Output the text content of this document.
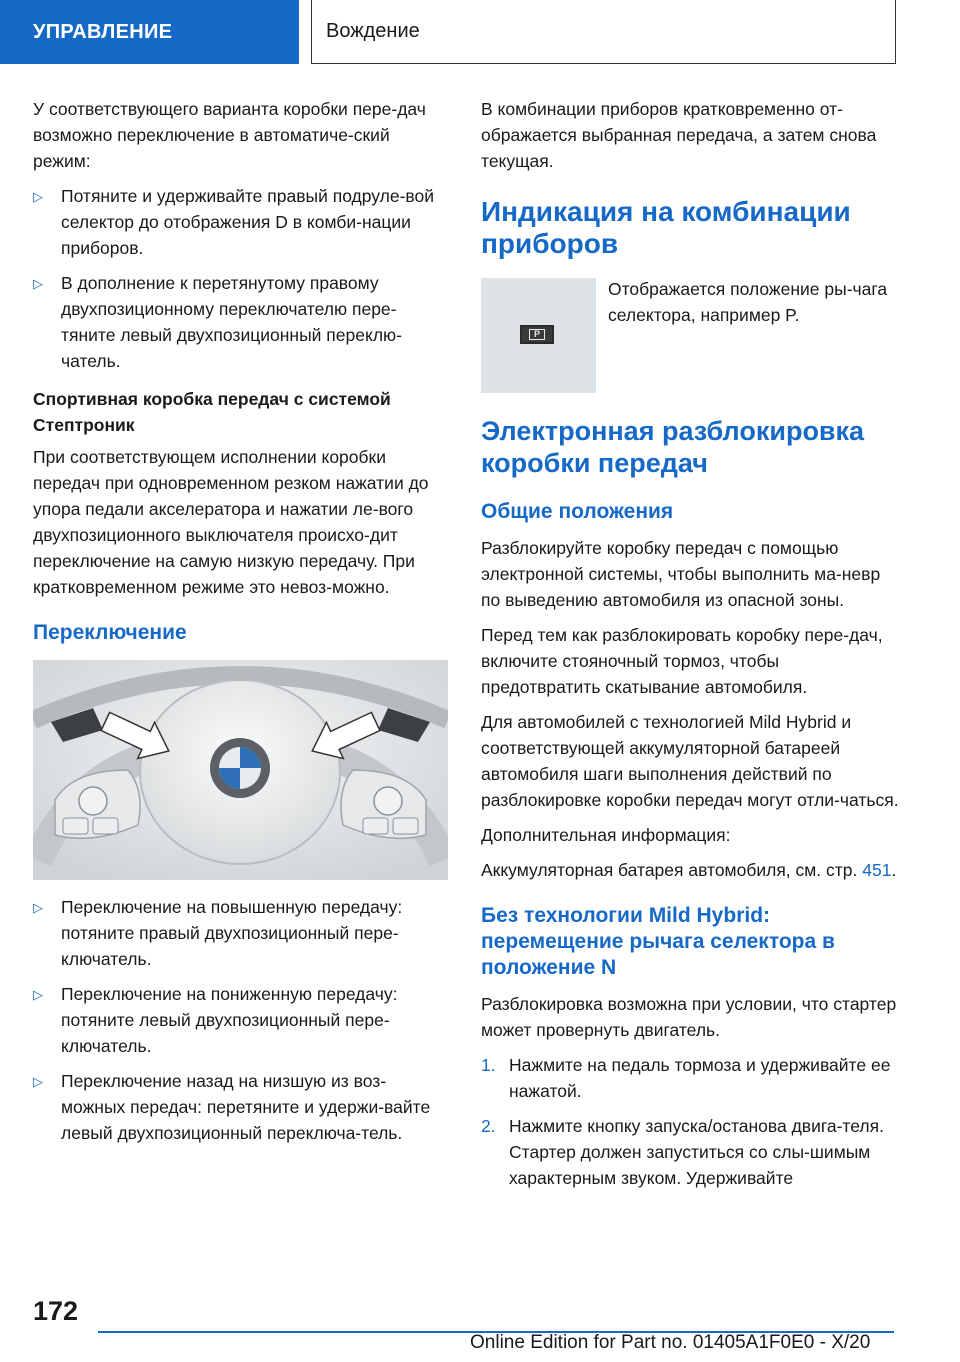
УПРАВЛЕНИЕ	Вождение

У соответствующего варианта коробки пере-дач возможно переключение в автоматиче-ский режим:

▷	Потяните и удерживайте правый подруле-вой селектор до отображения D в комби-нации приборов.
▷	В дополнение к перетянутому правому двухпозиционному переключателю пере-тяните левый двухпозиционный переклю-чатель.
Спортивная коробка передач с системой Стептроник

При соответствующем исполнении коробки передач при одновременном резком нажатии до упора педали акселератора и нажатии ле-вого двухпозиционного выключателя происхо-дит переключение на самую низкую передачу. При кратковременном режиме это невоз-можно.

Переключение
▷	Переключение на повышенную передачу: потяните правый двухпозиционный пере-ключатель.
▷	Переключение на пониженную передачу: потяните левый двухпозиционный пере-ключатель.
▷	Переключение назад на низшую из воз-можных передач: перетяните и удержи-вайте левый двухпозиционный переключа-тель.

В комбинации приборов кратковременно от-ображается выбранная передача, а затем снова текущая.

Индикация на комбинации приборов
P
Отображается положение ры-чага селектора, например P.
Электронная разблокировка коробки передач
Общие положения

Разблокируйте коробку передач с помощью электронной системы, чтобы выполнить ма-невр по выведению автомобиля из опасной зоны.

Перед тем как разблокировать коробку пере-дач, включите стояночный тормоз, чтобы предотвратить скатывание автомобиля.

Для автомобилей с технологией Mild Hybrid и соответствующей аккумуляторной батареей автомобиля шаги выполнения действий по разблокировке коробки передач могут отли-чаться.

Дополнительная информация:

Аккумуляторная батарея автомобиля, см. стр. 451.

Без технологии Mild Hybrid: перемещение рычага селектора в положение N

Разблокировка возможна при условии, что стартер может провернуть двигатель.

1. Нажмите на педаль тормоза и удерживайте ее нажатой.
2. Нажмите кнопку запуска/останова двига-теля. Стартер должен запуститься со слы-шимым характерным звуком. Удерживайте
172
Online Edition for Part no. 01405A1F0E0 - X/20
